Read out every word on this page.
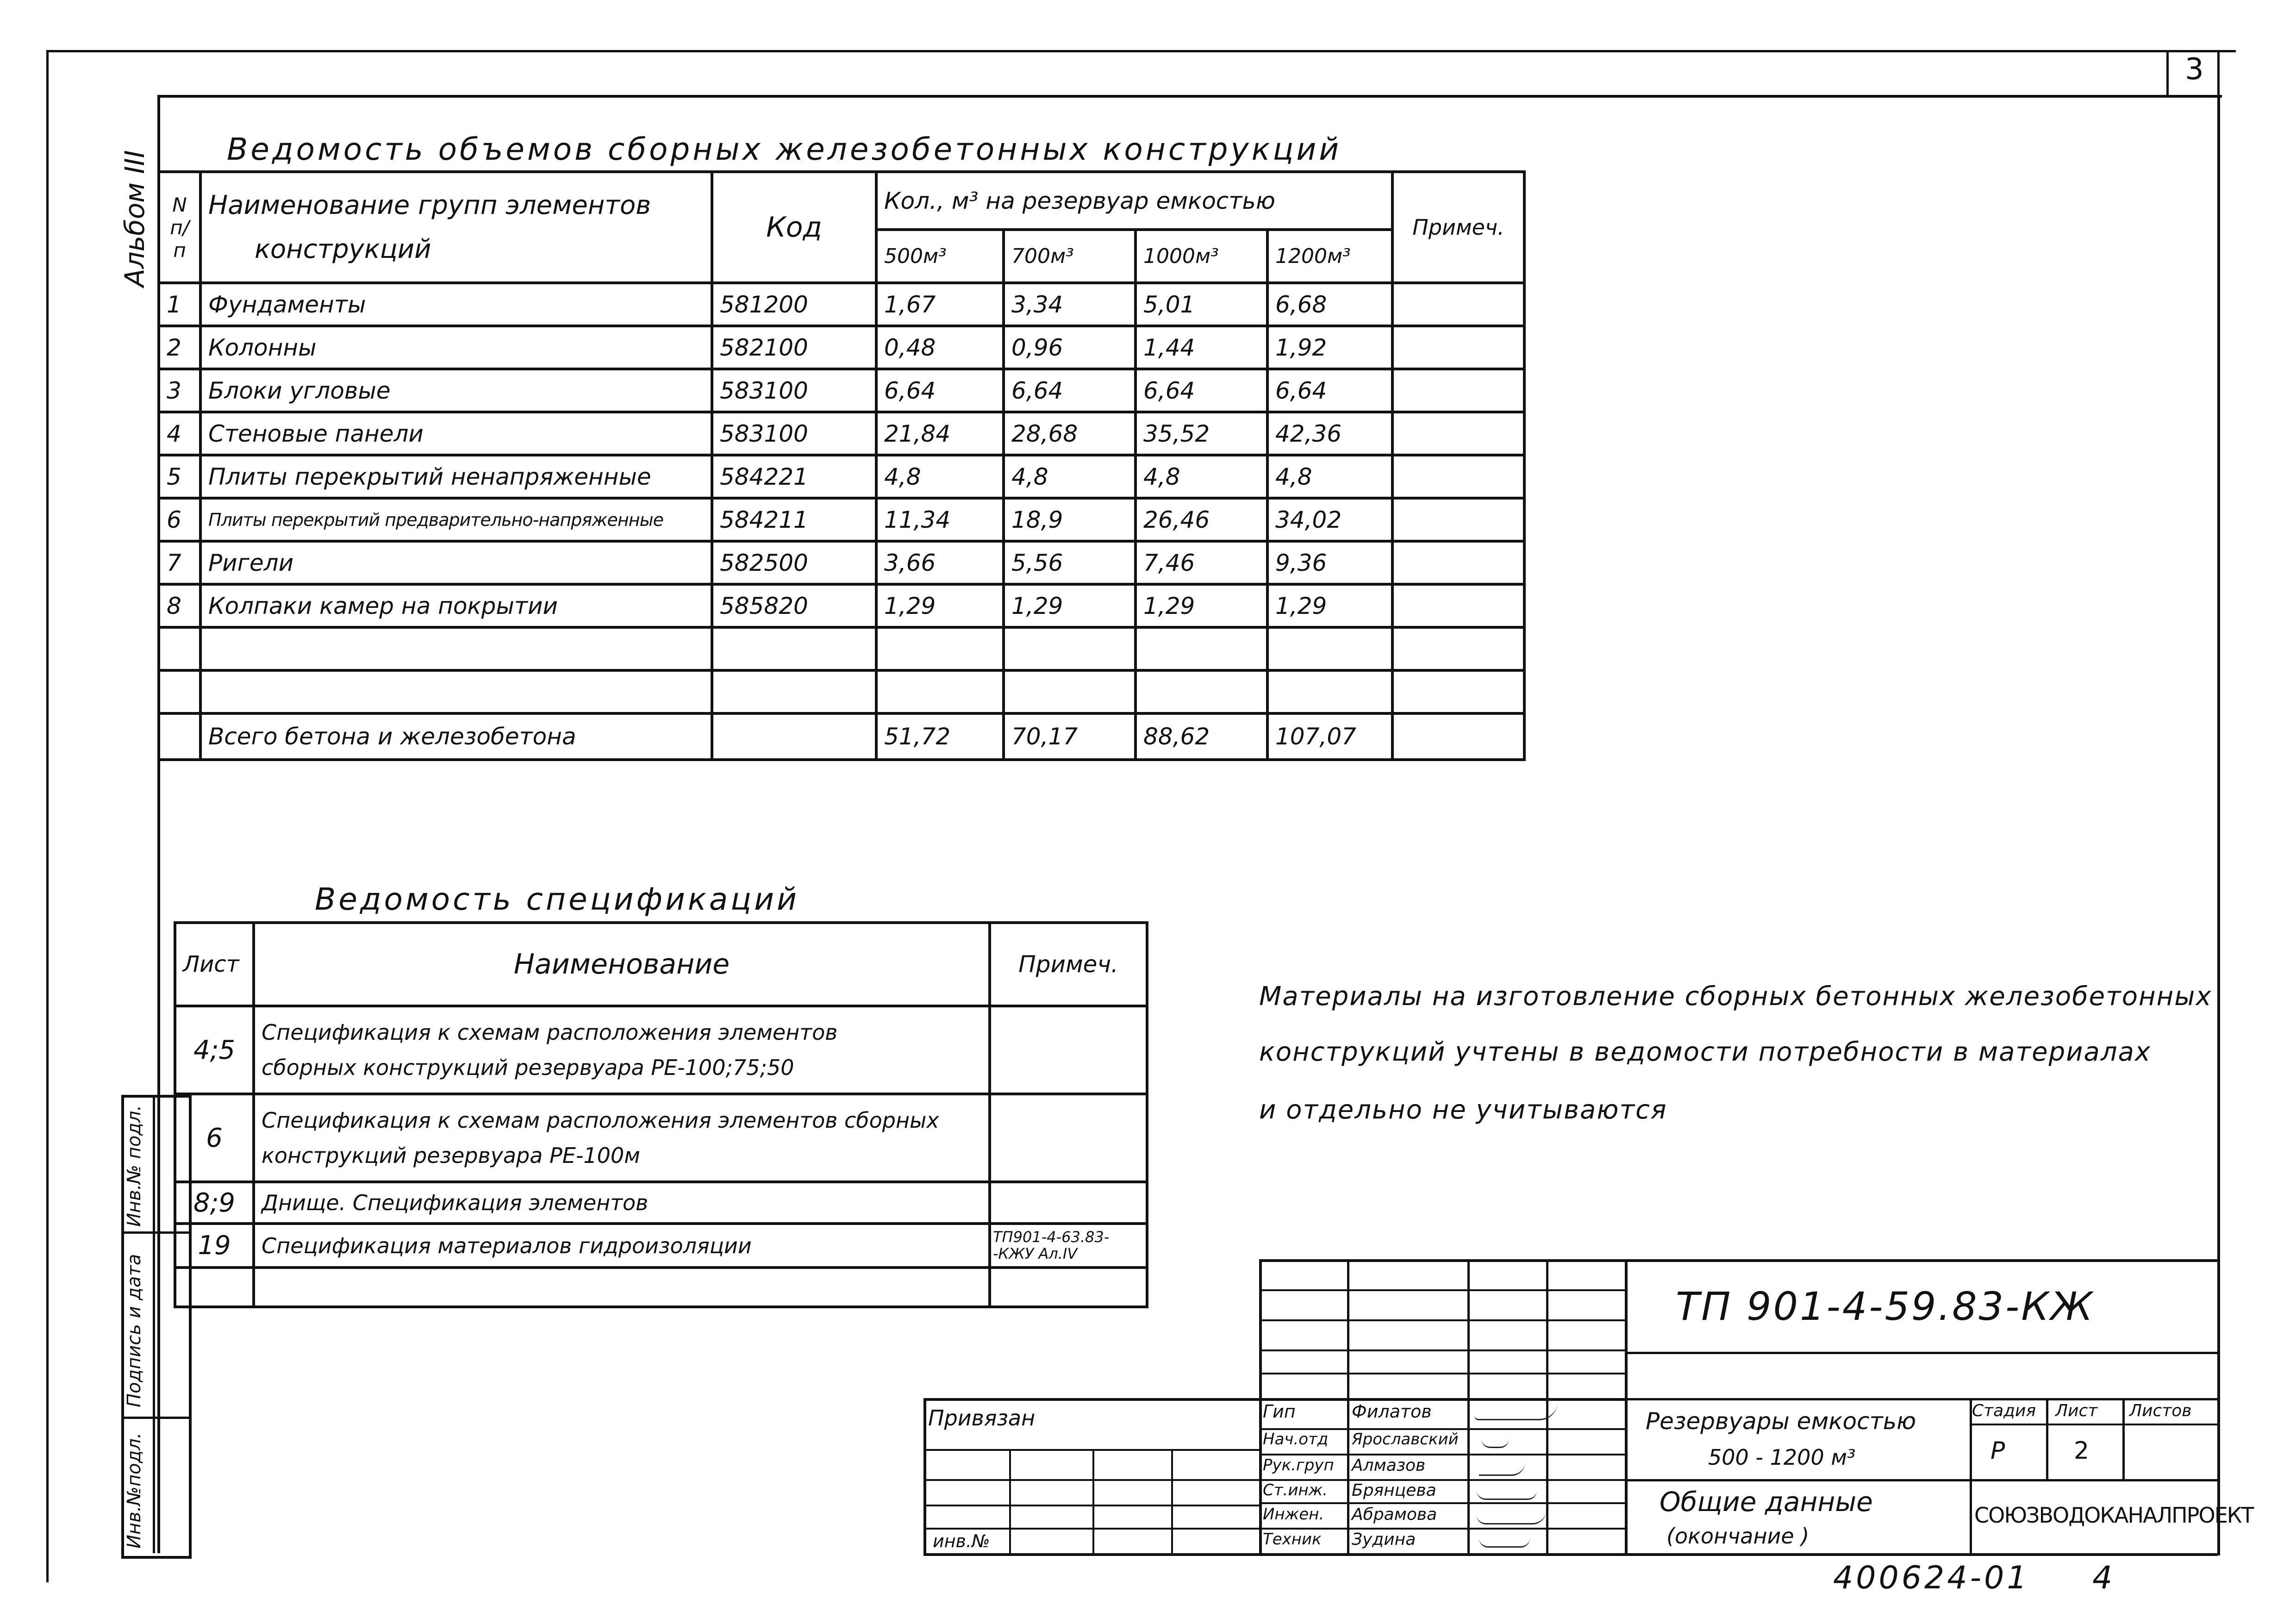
3
Альбом III
Ведомость объемов сборных железобетонных конструкций
N п/п	Наименование групп элементов
конструкций	Код	Кол., м³ на резервуар емкостью				Примеч.
			500м³	700м³	1000м³	1200м³	
1	Фундаменты	581200	1,67	3,34	5,01	6,68	
2	Колонны	582100	0,48	0,96	1,44	1,92	
3	Блоки угловые	583100	6,64	6,64	6,64	6,64	
4	Стеновые панели	583100	21,84	28,68	35,52	42,36	
5	Плиты перекрытий ненапряженные	584221	4,8	4,8	4,8	4,8	
6	Плиты перекрытий предварительно-напряженные	584211	11,34	18,9	26,46	34,02	
7	Ригели	582500	3,66	5,56	7,46	9,36	
8	Колпаки камер на покрытии	585820	1,29	1,29	1,29	1,29	

	Всего бетона и железобетона		51,72	70,17	88,62	107,07	
Ведомость спецификаций
Лист	Наименование	Примеч.
4;5	Спецификация к схемам расположения элементов
сборных конструкций резервуара РЕ-100;75;50	

6	Спецификация к схемам расположения элементов сборных
конструкций резервуара РЕ-100м	

8;9	Днище. Спецификация элементов	
19	Спецификация материалов гидроизоляции	ТП901-4-63.83-
-КЖУ Ал.IV

Материалы на изготовление сборных бетонных железобетонных
конструкций учтены в ведомости потребности в материалах
и отдельно не учитываются
Инв.№ подл.
Подпись и дата
Инв.№подл.
Привязан
инв.№
Гип	Филатов
Нач.отд Ярославский
Рук.груп Алмазов
Ст.инж. Брянцева
Инжен. Абрамова
Техник Зудина
ТП 901-4-59.83-КЖ
Резервуары емкостью
500 - 1200 м³
Общие данные
(окончание )
Стадия Лист Листов
Р	2
СОЮЗВОДОКАНАЛПРОЕКТ
400624-01 4
